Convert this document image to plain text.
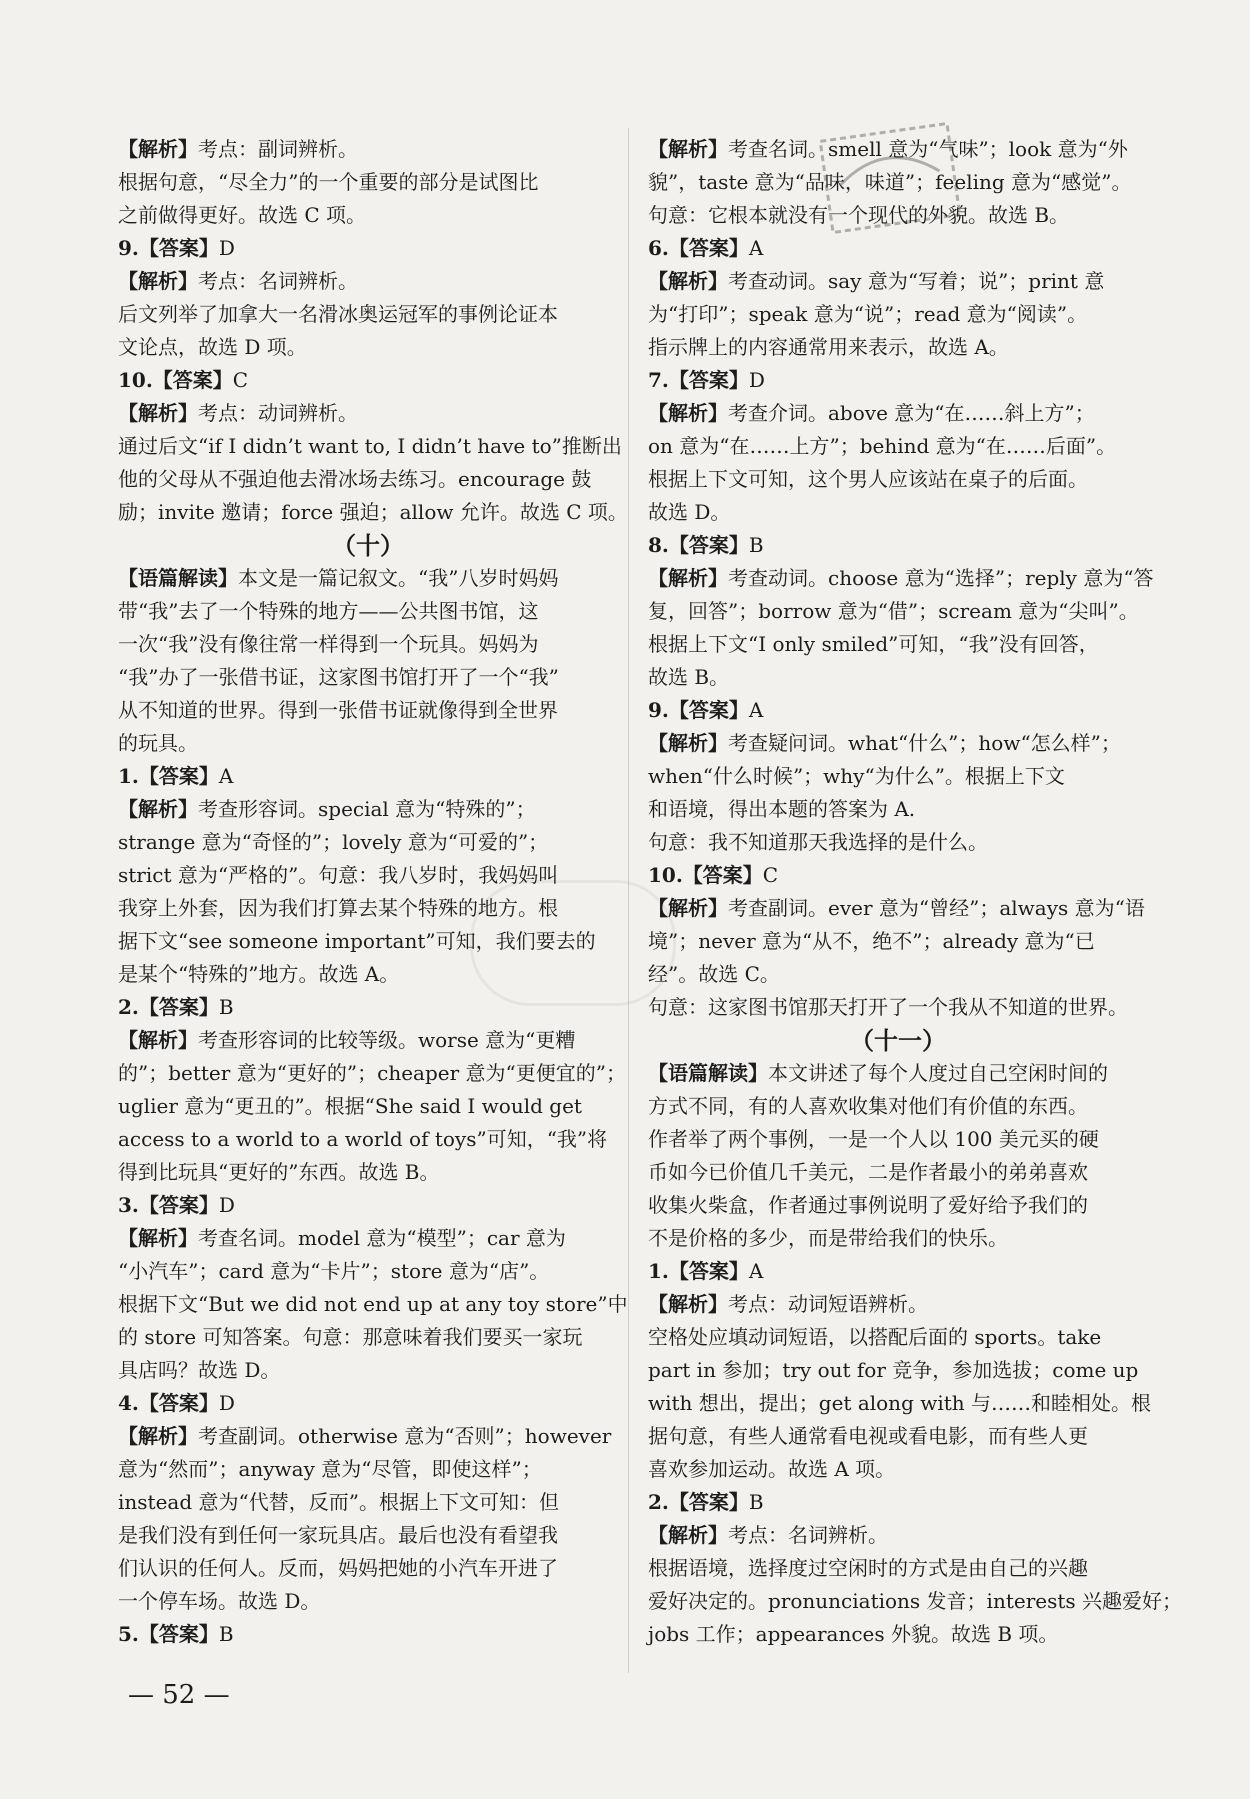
【解析】考点：副词辨析。
根据句意，“尽全力”的一个重要的部分是试图比
之前做得更好。故选 C 项。
9.【答案】D
【解析】考点：名词辨析。
后文列举了加拿大一名滑冰奥运冠军的事例论证本
文论点，故选 D 项。
10.【答案】C
【解析】考点：动词辨析。
通过后文“if I didn’t want to, I didn’t have to”推断出
他的父母从不强迫他去滑冰场去练习。encourage 鼓
励；invite 邀请；force 强迫；allow 允许。故选 C 项。
（十）
【语篇解读】本文是一篇记叙文。“我”八岁时妈妈
带“我”去了一个特殊的地方——公共图书馆，这
一次“我”没有像往常一样得到一个玩具。妈妈为
“我”办了一张借书证，这家图书馆打开了一个“我”
从不知道的世界。得到一张借书证就像得到全世界
的玩具。
1.【答案】A
【解析】考查形容词。special 意为“特殊的”；
strange 意为“奇怪的”；lovely 意为“可爱的”；
strict 意为“严格的”。句意：我八岁时，我妈妈叫
我穿上外套，因为我们打算去某个特殊的地方。根
据下文“see someone important”可知，我们要去的
是某个“特殊的”地方。故选 A。
2.【答案】B
【解析】考查形容词的比较等级。worse 意为“更糟
的”；better 意为“更好的”；cheaper 意为“更便宜的”；
uglier 意为“更丑的”。根据“She said I would get
access to a world to a world of toys”可知，“我”将
得到比玩具“更好的”东西。故选 B。
3.【答案】D
【解析】考查名词。model 意为“模型”；car 意为
“小汽车”；card 意为“卡片”；store 意为“店”。
根据下文“But we did not end up at any toy store”中
的 store 可知答案。句意：那意味着我们要买一家玩
具店吗？故选 D。
4.【答案】D
【解析】考查副词。otherwise 意为“否则”；however
意为“然而”；anyway 意为“尽管，即使这样”；
instead 意为“代替，反而”。根据上下文可知：但
是我们没有到任何一家玩具店。最后也没有看望我
们认识的任何人。反而，妈妈把她的小汽车开进了
一个停车场。故选 D。
5.【答案】B
【解析】考查名词。smell 意为“气味”；look 意为“外
貌”，taste 意为“品味，味道”；feeling 意为“感觉”。
句意：它根本就没有一个现代的外貌。故选 B。
6.【答案】A
【解析】考查动词。say 意为“写着；说”；print 意
为“打印”；speak 意为“说”；read 意为“阅读”。
指示牌上的内容通常用来表示，故选 A。
7.【答案】D
【解析】考查介词。above 意为“在……斜上方”；
on 意为“在……上方”；behind 意为“在……后面”。
根据上下文可知，这个男人应该站在桌子的后面。
故选 D。
8.【答案】B
【解析】考查动词。choose 意为“选择”；reply 意为“答
复，回答”；borrow 意为“借”；scream 意为“尖叫”。
根据上下文“I only smiled”可知，“我”没有回答，
故选 B。
9.【答案】A
【解析】考查疑问词。what“什么”；how“怎么样”；
when“什么时候”；why“为什么”。根据上下文
和语境，得出本题的答案为 A.
句意：我不知道那天我选择的是什么。
10.【答案】C
【解析】考查副词。ever 意为“曾经”；always 意为“语
境”；never 意为“从不，绝不”；already 意为“已
经”。故选 C。
句意：这家图书馆那天打开了一个我从不知道的世界。
（十一）
【语篇解读】本文讲述了每个人度过自己空闲时间的
方式不同，有的人喜欢收集对他们有价值的东西。
作者举了两个事例，一是一个人以 100 美元买的硬
币如今已价值几千美元，二是作者最小的弟弟喜欢
收集火柴盒，作者通过事例说明了爱好给予我们的
不是价格的多少，而是带给我们的快乐。
1.【答案】A
【解析】考点：动词短语辨析。
空格处应填动词短语，以搭配后面的 sports。take
part in 参加；try out for 竞争，参加选拔；come up
with 想出，提出；get along with 与……和睦相处。根
据句意，有些人通常看电视或看电影，而有些人更
喜欢参加运动。故选 A 项。
2.【答案】B
【解析】考点：名词辨析。
根据语境，选择度过空闲时的方式是由自己的兴趣
爱好决定的。pronunciations 发音；interests 兴趣爱好；
jobs 工作；appearances 外貌。故选 B 项。
— 52 —
